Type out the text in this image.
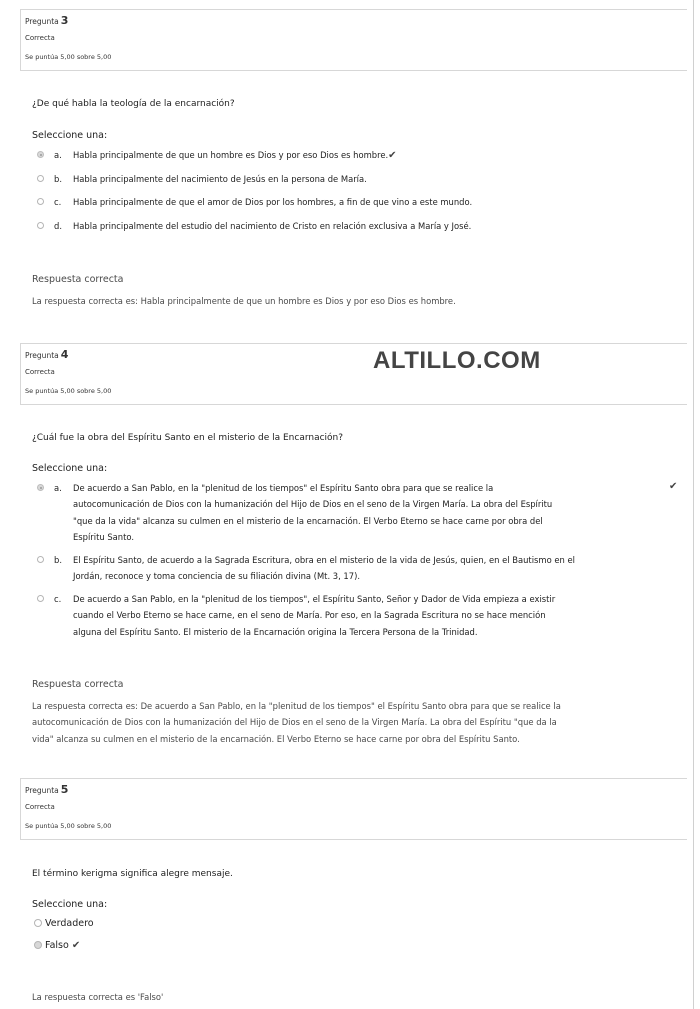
Pregunta 3
Correcta
Se puntúa 5,00 sobre 5,00
¿De qué habla la teología de la encarnación?
Seleccione una:
a. Habla principalmente de que un hombre es Dios y por eso Dios es hombre.✔
b. Habla principalmente del nacimiento de Jesús en la persona de María.
c. Habla principalmente de que el amor de Dios por los hombres, a fin de que vino a este mundo.
d. Habla principalmente del estudio del nacimiento de Cristo en relación exclusiva a María y José.
Respuesta correcta
La respuesta correcta es: Habla principalmente de que un hombre es Dios y por eso Dios es hombre.
Pregunta 4
Correcta
Se puntúa 5,00 sobre 5,00
ALTILLO.COM
¿Cuál fue la obra del Espíritu Santo en el misterio de la Encarnación?
Seleccione una:
a. De acuerdo a San Pablo, en la "plenitud de los tiempos" el Espíritu Santo obra para que se realice la
autocomunicación de Dios con la humanización del Hijo de Dios en el seno de la Virgen María. La obra del Espíritu
"que da la vida" alcanza su culmen en el misterio de la encarnación. El Verbo Eterno se hace carne por obra del
Espíritu Santo.
✔
b. El Espíritu Santo, de acuerdo a la Sagrada Escritura, obra en el misterio de la vida de Jesús, quien, en el Bautismo en el
Jordán, reconoce y toma conciencia de su filiación divina (Mt. 3, 17).
c. De acuerdo a San Pablo, en la "plenitud de los tiempos", el Espíritu Santo, Señor y Dador de Vida empieza a existir
cuando el Verbo Eterno se hace carne, en el seno de María. Por eso, en la Sagrada Escritura no se hace mención
alguna del Espíritu Santo. El misterio de la Encarnación origina la Tercera Persona de la Trinidad.
Respuesta correcta
La respuesta correcta es: De acuerdo a San Pablo, en la "plenitud de los tiempos" el Espíritu Santo obra para que se realice la
autocomunicación de Dios con la humanización del Hijo de Dios en el seno de la Virgen María. La obra del Espíritu "que da la
vida" alcanza su culmen en el misterio de la encarnación. El Verbo Eterno se hace carne por obra del Espíritu Santo.
Pregunta 5
Correcta
Se puntúa 5,00 sobre 5,00
El término kerigma significa alegre mensaje.
Seleccione una:
Verdadero
Falso ✔
La respuesta correcta es 'Falso'
